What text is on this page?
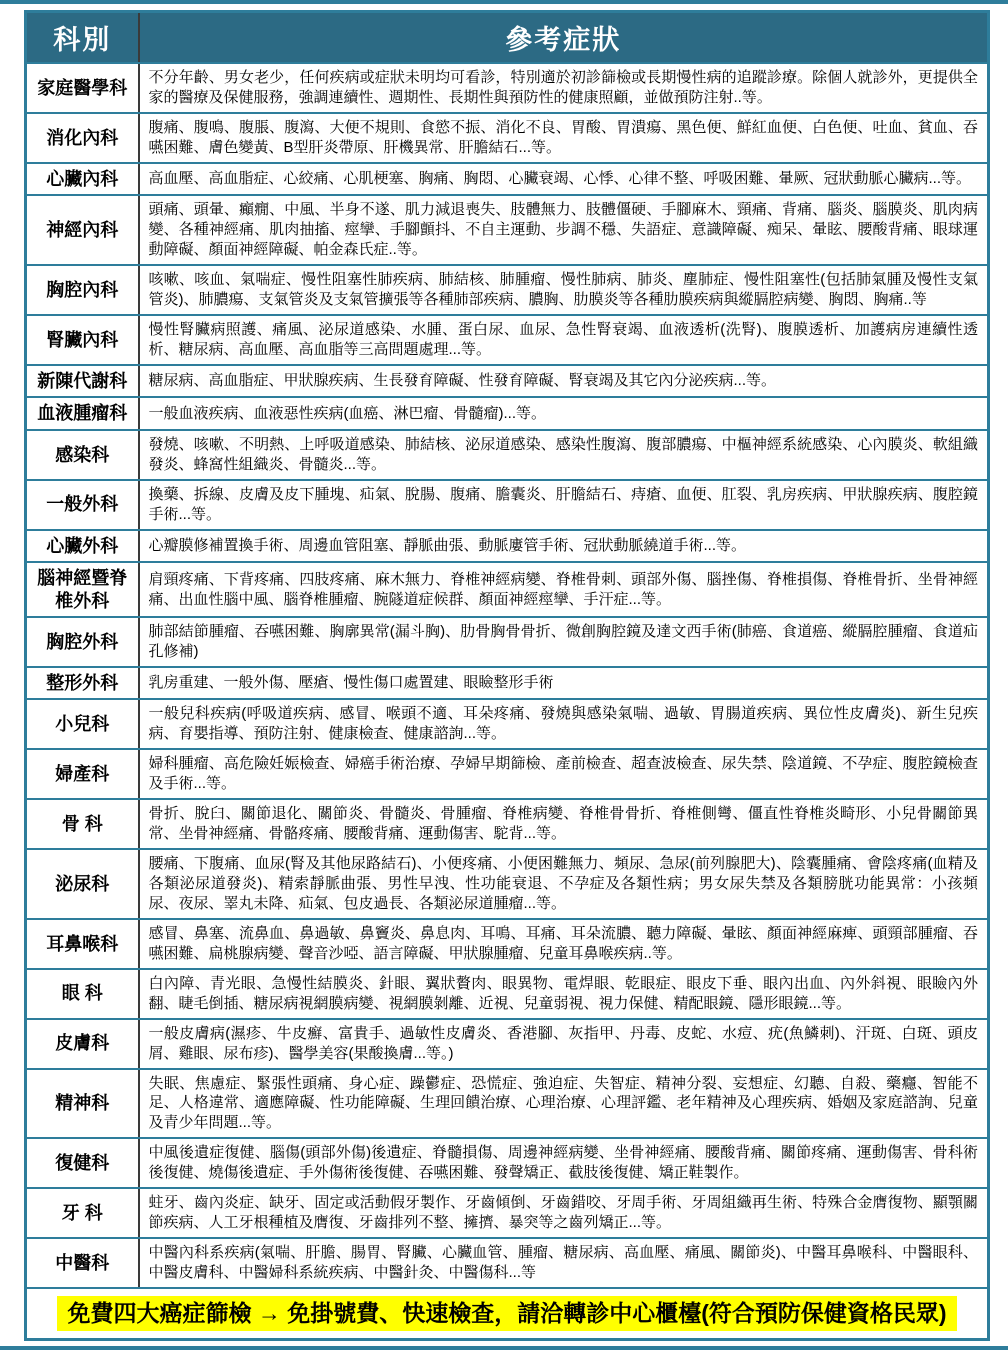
科別	參考症狀
家庭醫學科	不分年齡、男女老少，任何疾病或症狀未明均可看診，特別適於初診篩檢或長期慢性病的追蹤診療。除個人就診外，更提供全家的醫療及保健服務，強調連續性、週期性、長期性與預防性的健康照顧，並做預防注射..等。
消化內科	腹痛、腹鳴、腹脹、腹瀉、大便不規則、食慾不振、消化不良、胃酸、胃潰瘍、黑色便、鮮紅血便、白色便、吐血、貧血、吞嚥困難、膚色變黃、B型肝炎帶原、肝機異常、肝膽結石...等。
心臟內科	高血壓、高血脂症、心絞痛、心肌梗塞、胸痛、胸悶、心臟衰竭、心悸、心律不整、呼吸困難、暈厥、冠狀動脈心臟病...等。
神經內科	頭痛、頭暈、癲癇、中風、半身不遂、肌力減退喪失、肢體無力、肢體僵硬、手腳麻木、頸痛、背痛、腦炎、腦膜炎、肌肉病變、各種神經痛、肌肉抽搐、痙攣、手腳顫抖、不自主運動、步調不穩、失語症、意識障礙、痴呆、暈眩、腰酸背痛、眼球運動障礙、顏面神經障礙、帕金森氏症..等。
胸腔內科	咳嗽、咳血、氣喘症、慢性阻塞性肺疾病、肺結核、肺腫瘤、慢性肺病、肺炎、塵肺症、慢性阻塞性(包括肺氣腫及慢性支氣管炎)、肺膿瘍、支氣管炎及支氣管擴張等各種肺部疾病、膿胸、肋膜炎等各種肋膜疾病與縱膈腔病變、胸悶、胸痛..等
腎臟內科	慢性腎臟病照護、痛風、泌尿道感染、水腫、蛋白尿、血尿、急性腎衰竭、血液透析(洗腎)、腹膜透析、加護病房連續性透析、糖尿病、高血壓、高血脂等三高問題處理...等。
新陳代謝科	糖尿病、高血脂症、甲狀腺疾病、生長發育障礙、性發育障礙、腎衰竭及其它內分泌疾病...等。
血液腫瘤科	一般血液疾病、血液惡性疾病(血癌、淋巴瘤、骨髓瘤)...等。
感染科	發燒、咳嗽、不明熱、上呼吸道感染、肺結核、泌尿道感染、感染性腹瀉、腹部膿瘍、中樞神經系統感染、心內膜炎、軟組織發炎、蜂窩性組織炎、骨髓炎...等。
一般外科	換藥、拆線、皮膚及皮下腫塊、疝氣、脫腸、腹痛、膽囊炎、肝膽結石、痔瘡、血便、肛裂、乳房疾病、甲狀腺疾病、腹腔鏡手術...等。
心臟外科	心瓣膜修補置換手術、周邊血管阻塞、靜脈曲張、動脈廔管手術、冠狀動脈繞道手術...等。
腦神經暨脊椎外科	肩頸疼痛、下背疼痛、四肢疼痛、麻木無力、脊椎神經病變、脊椎骨刺、頭部外傷、腦挫傷、脊椎損傷、脊椎骨折、坐骨神經痛、出血性腦中風、腦脊椎腫瘤、腕隧道症候群、顏面神經痙攣、手汗症...等。
胸腔外科	肺部結節腫瘤、吞嚥困難、胸廓異常(漏斗胸)、肋骨胸骨骨折、微創胸腔鏡及達文西手術(肺癌、食道癌、縱膈腔腫瘤、食道疝孔修補)
整形外科	乳房重建、一般外傷、壓瘡、慢性傷口處置建、眼瞼整形手術
小兒科	一般兒科疾病(呼吸道疾病、感冒、喉頭不適、耳朵疼痛、發燒與感染氣喘、過敏、胃腸道疾病、異位性皮膚炎)、新生兒疾病、育嬰指導、預防注射、健康檢查、健康諮詢...等。
婦產科	婦科腫瘤、高危險妊娠檢查、婦癌手術治療、孕婦早期篩檢、產前檢查、超查波檢查、尿失禁、陰道鏡、不孕症、腹腔鏡檢查及手術...等。
骨 科	骨折、脫臼、關節退化、關節炎、骨髓炎、骨腫瘤、脊椎病變、脊椎骨骨折、脊椎側彎、僵直性脊椎炎畸形、小兒骨關節異常、坐骨神經痛、骨骼疼痛、腰酸背痛、運動傷害、駝背...等。
泌尿科	腰痛、下腹痛、血尿(腎及其他尿路結石)、小便疼痛、小便困難無力、頻尿、急尿(前列腺肥大)、陰囊腫痛、會陰疼痛(血精及各類泌尿道發炎)、精索靜脈曲張、男性早洩、性功能衰退、不孕症及各類性病；男女尿失禁及各類膀胱功能異常：小孩頻尿、夜尿、睪丸未降、疝氣、包皮過長、各類泌尿道腫瘤...等。
耳鼻喉科	感冒、鼻塞、流鼻血、鼻過敏、鼻竇炎、鼻息肉、耳鳴、耳痛、耳朵流膿、聽力障礙、暈眩、顏面神經麻痺、頭頸部腫瘤、吞嚥困難、扁桃腺病變、聲音沙啞、語言障礙、甲狀腺腫瘤、兒童耳鼻喉疾病..等。
眼 科	白內障、青光眼、急慢性結膜炎、針眼、翼狀贅肉、眼異物、電焊眼、乾眼症、眼皮下垂、眼內出血、內外斜視、眼瞼內外翻、睫毛倒插、糖尿病視網膜病變、視網膜剝離、近視、兒童弱視、視力保健、精配眼鏡、隱形眼鏡...等。
皮膚科	一般皮膚病(濕疹、牛皮癬、富貴手、過敏性皮膚炎、香港腳、灰指甲、丹毒、皮蛇、水痘、疣(魚鱗刺)、汗斑、白斑、頭皮屑、雞眼、尿布疹)、醫學美容(果酸換膚...等。)
精神科	失眠、焦慮症、緊張性頭痛、身心症、躁鬱症、恐慌症、強迫症、失智症、精神分裂、妄想症、幻聽、自殺、藥癮、智能不足、人格違常、適應障礙、性功能障礙、生理回饋治療、心理治療、心理評鑑、老年精神及心理疾病、婚姻及家庭諮詢、兒童及青少年問題...等。
復健科	中風後遺症復健、腦傷(頭部外傷)後遺症、脊髓損傷、周邊神經病變、坐骨神經痛、腰酸背痛、關節疼痛、運動傷害、骨科術後復健、燒傷後遺症、手外傷術後復健、吞嚥困難、發聲矯正、截肢後復健、矯正鞋製作。
牙 科	蛀牙、齒內炎症、缺牙、固定或活動假牙製作、牙齒傾倒、牙齒錯咬、牙周手術、牙周組織再生術、特殊合金膺復物、顯顎關節疾病、人工牙根種植及膺復、牙齒排列不整、擁擠、暴突等之齒列矯正...等。
中醫科	中醫內科系疾病(氣喘、肝膽、腸胃、腎臟、心臟血管、腫瘤、糖尿病、高血壓、痛風、關節炎)、中醫耳鼻喉科、中醫眼科、中醫皮膚科、中醫婦科系統疾病、中醫針灸、中醫傷科...等
免費四大癌症篩檢 → 免掛號費、快速檢查，請洽轉診中心櫃檯(符合預防保健資格民眾)	
